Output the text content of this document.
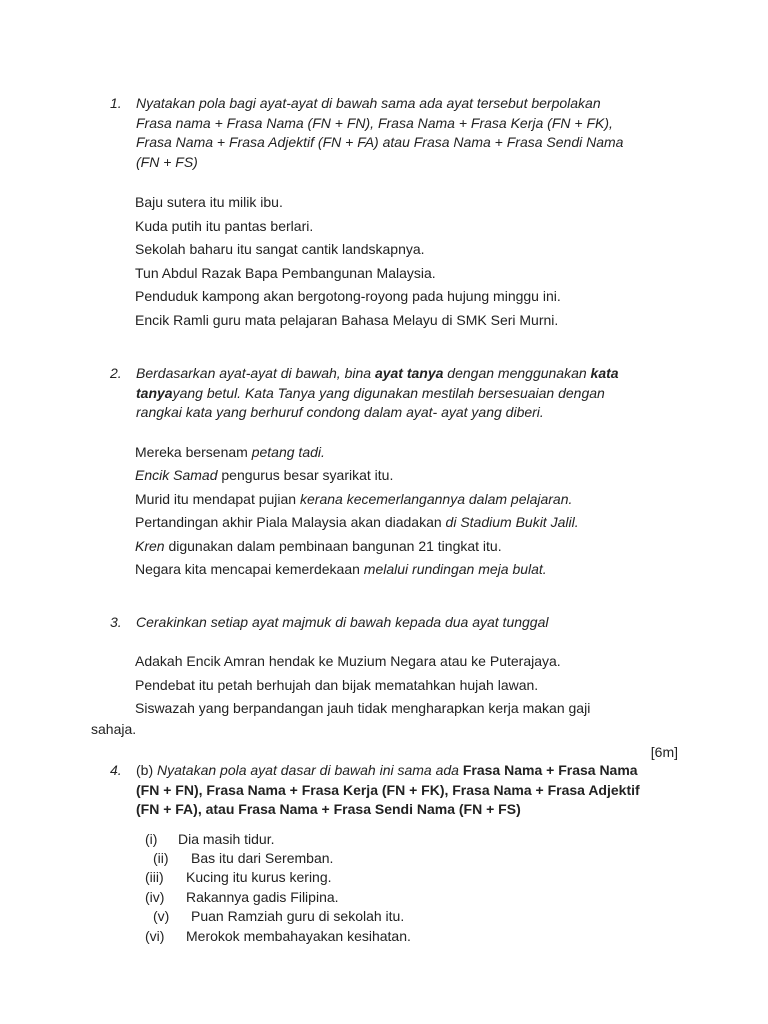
1. Nyatakan pola bagi ayat-ayat di bawah sama ada ayat tersebut berpolakan
Frasa nama + Frasa Nama (FN + FN), Frasa Nama + Frasa Kerja (FN + FK),
Frasa Nama + Frasa Adjektif (FN + FA) atau Frasa Nama + Frasa Sendi Nama
(FN + FS)
Baju sutera itu milik ibu.
Kuda putih itu pantas berlari.
Sekolah baharu itu sangat cantik landskapnya.
Tun Abdul Razak Bapa Pembangunan Malaysia.
Penduduk kampong akan bergotong-royong pada hujung minggu ini.
Encik Ramli guru mata pelajaran Bahasa Melayu di SMK Seri Murni.
2. Berdasarkan ayat-ayat di bawah, bina ayat tanya dengan menggunakan kata
tanyayang betul. Kata Tanya yang digunakan mestilah bersesuaian dengan
rangkai kata yang berhuruf condong dalam ayat- ayat yang diberi.
Mereka bersenam petang tadi.
Encik Samad pengurus besar syarikat itu.
Murid itu mendapat pujian kerana kecemerlangannya dalam pelajaran.
Pertandingan akhir Piala Malaysia akan diadakan di Stadium Bukit Jalil.
Kren digunakan dalam pembinaan bangunan 21 tingkat itu.
Negara kita mencapai kemerdekaan melalui rundingan meja bulat.
3. Cerakinkan setiap ayat majmuk di bawah kepada dua ayat tunggal
Adakah Encik Amran hendak ke Muzium Negara atau ke Puterajaya.
Pendebat itu petah berhujah dan bijak mematahkan hujah lawan.
Siswazah yang berpandangan jauh tidak mengharapkan kerja makan gaji
sahaja.
[6m]
4. (b) Nyatakan pola ayat dasar di bawah ini sama ada Frasa Nama + Frasa Nama
(FN + FN), Frasa Nama + Frasa Kerja (FN + FK), Frasa Nama + Frasa Adjektif
(FN + FA), atau Frasa Nama + Frasa Sendi Nama (FN + FS)
(i) Dia masih tidur.
(ii) Bas itu dari Seremban.
(iii) Kucing itu kurus kering.
(iv) Rakannya gadis Filipina.
(v) Puan Ramziah guru di sekolah itu.
(vi) Merokok membahayakan kesihatan.
